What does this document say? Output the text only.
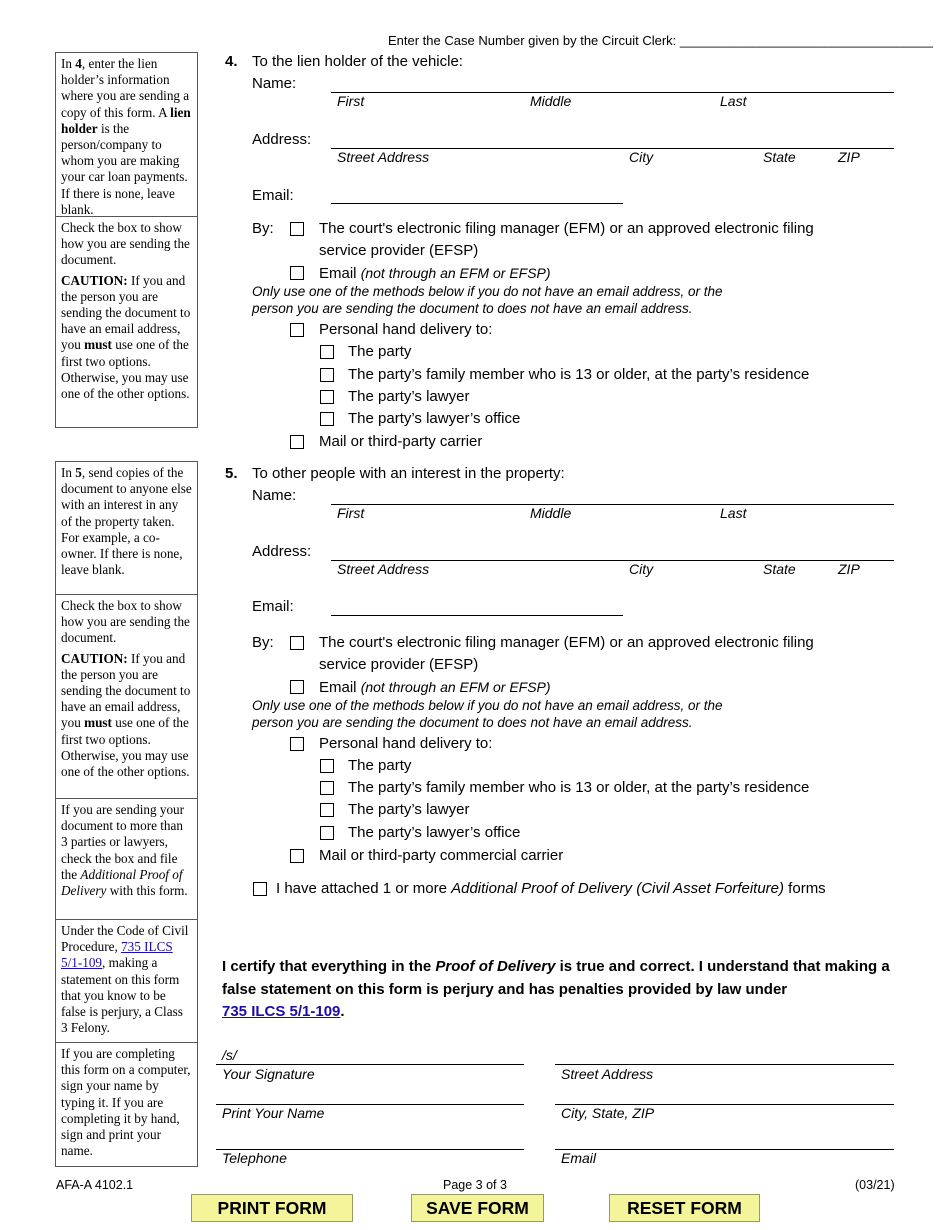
Enter the Case Number given by the Circuit Clerk: ___________________________________

In 4, enter the lien holder’s information where you are sending a copy of this form. A lien holder is the person/company to whom you are making your car loan payments. If there is none, leave blank.

Check the box to show how you are sending the document.

CAUTION: If you and the person you are sending the document to have an email address, you must use one of the first two options. Otherwise, you may use one of the other options.

In 5, send copies of the document to anyone else with an interest in any of the property taken. For example, a co-owner. If there is none, leave blank.

Check the box to show how you are sending the document.

CAUTION: If you and the person you are sending the document to have an email address, you must use one of the first two options. Otherwise, you may use one of the other options.

If you are sending your document to more than 3 parties or lawyers, check the box and file the Additional Proof of Delivery with this form.

Under the Code of Civil Procedure, 735 ILCS 5/1-109, making a statement on this form that you know to be false is perjury, a Class 3 Felony.

If you are completing this form on a computer, sign your name by typing it. If you are completing it by hand, sign and print your name.

4. To the lien holder of the vehicle:
Name:
First	Middle	Last
Address:
Street Address	City	State	ZIP
Email:
By:	The court's electronic filing manager (EFM) or an approved electronic filing
service provider (EFSP)
Email (not through an EFM or EFSP)
Only use one of the methods below if you do not have an email address, or the
person you are sending the document to does not have an email address.
Personal hand delivery to:
The party
The party’s family member who is 13 or older, at the party’s residence
The party’s lawyer
The party’s lawyer’s office
Mail or third-party carrier
5. To other people with an interest in the property:
Name:
First	Middle	Last
Address:
Street Address	City	State	ZIP
Email:
By:	The court's electronic filing manager (EFM) or an approved electronic filing
service provider (EFSP)
Email (not through an EFM or EFSP)
Only use one of the methods below if you do not have an email address, or the
person you are sending the document to does not have an email address.
Personal hand delivery to:
The party
The party’s family member who is 13 or older, at the party’s residence
The party’s lawyer
The party’s lawyer’s office
Mail or third-party commercial carrier
I have attached 1 or more Additional Proof of Delivery (Civil Asset Forfeiture) forms
I certify that everything in the Proof of Delivery is true and correct. I understand that making a false statement on this form is perjury and has penalties provided by law under
735 ILCS 5/1-109.
/s/
Your Signature
Print Your Name
Telephone
Street Address
City, State, ZIP
Email
AFA-A 4102.1	Page 3 of 3	(03/21)
PRINT FORM	SAVE FORM	RESET FORM
